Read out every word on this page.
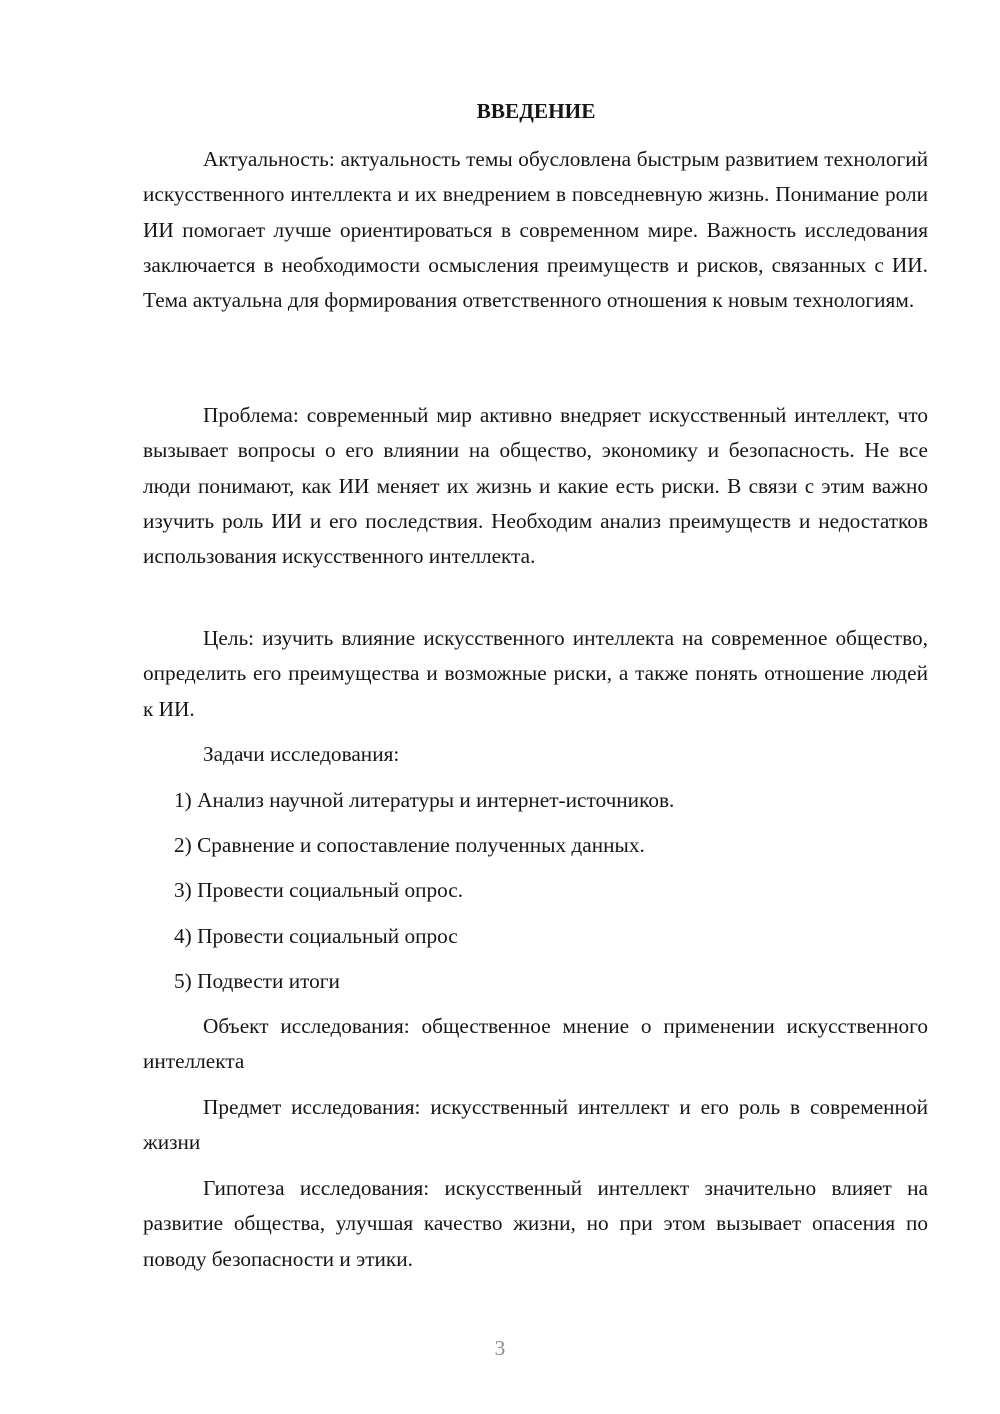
ВВЕДЕНИЕ

Актуальность: актуальность темы обусловлена быстрым развитием технологий искусственного интеллекта и их внедрением в повседневную жизнь. Понимание роли ИИ помогает лучше ориентироваться в современном мире. Важность исследования заключается в необходимости осмысления преимуществ и рисков, связанных с ИИ. Тема актуальна для формирования ответственного отношения к новым технологиям.

Проблема: современный мир активно внедряет искусственный интеллект, что вызывает вопросы о его влиянии на общество, экономику и безопасность. Не все люди понимают, как ИИ меняет их жизнь и какие есть риски. В связи с этим важно изучить роль ИИ и его последствия. Необходим анализ преимуществ и недостатков использования искусственного интеллекта.

Цель: изучить влияние искусственного интеллекта на современное общество, определить его преимущества и возможные риски, а также понять отношение людей к ИИ.

Задачи исследования:

1) Анализ научной литературы и интернет-источников.

2) Сравнение и сопоставление полученных данных.

3) Провести социальный опрос.

4) Провести социальный опрос

5) Подвести итоги

Объект исследования: общественное мнение о применении искусственного интеллекта

Предмет исследования: искусственный интеллект и его роль в современной жизни

Гипотеза исследования: искусственный интеллект значительно влияет на развитие общества, улучшая качество жизни, но при этом вызывает опасения по поводу безопасности и этики.

3
